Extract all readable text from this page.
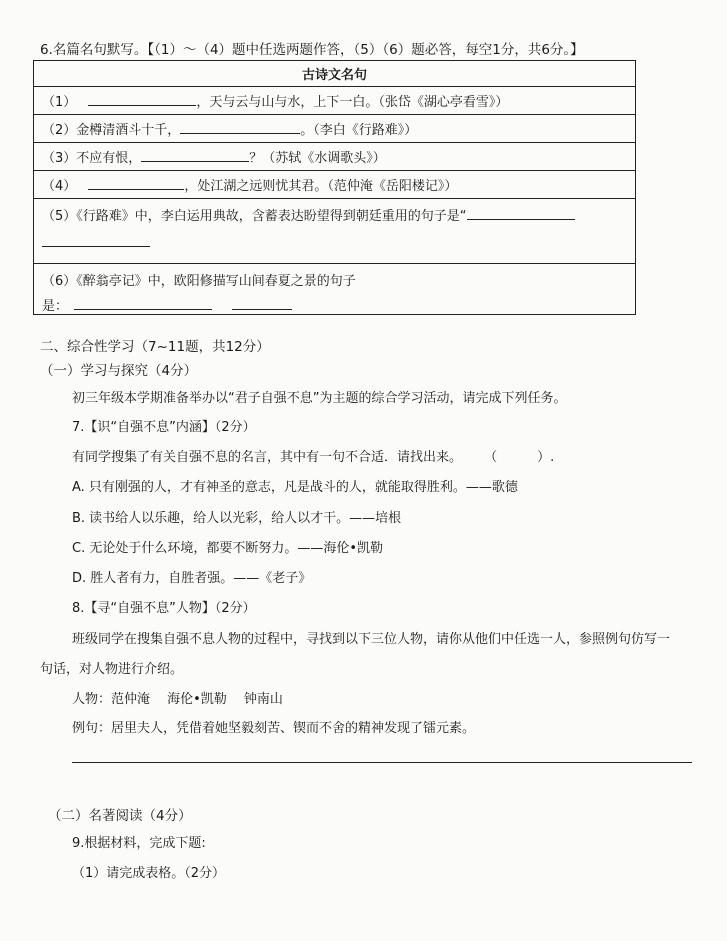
6.名篇名句默写。【（1）～（4）题中任选两题作答，（5）（6）题必答，每空1分，共6分。】
古诗文名句
（1）	，天与云与山与水，上下一白。（张岱《湖心亭看雪》）
（2）金樽清酒斗十千，	。（李白《行路难》）
（3）不应有恨，	？（苏轼《水调歌头》）
（4）	，处江湖之远则忧其君。（范仲淹《岳阳楼记》）
（5）《行路难》中，李白运用典故，含蓄表达盼望得到朝廷重用的句子是“

（6）《醉翁亭记》中，欧阳修描写山间春夏之景的句子
是：
二、综合性学习（7~11题，共12分）
（一）学习与探究（4分）
初三年级本学期准备举办以“君子自强不息”为主题的综合学习活动，请完成下列任务。
7.【识“自强不息”内涵】（2分）
有同学搜集了有关自强不息的名言，其中有一句不合适．请找出来。 （	）.
A. 只有刚强的人，才有神圣的意志，凡是战斗的人，就能取得胜利。——歌德
B. 读书给人以乐趣，给人以光彩，给人以才干。——培根
C. 无论处于什么环境，都要不断努力。——海伦•凯勒
D. 胜人者有力，自胜者强。——《老子》
8.【寻“自强不息”人物】（2分）
班级同学在搜集自强不息人物的过程中，寻找到以下三位人物，请你从他们中任选一人，参照例句仿写一
句话，对人物进行介绍。
人物：范仲淹　 海伦•凯勒　 钟南山
例句：居里夫人，凭借着她坚毅刻苦、锲而不舍的精神发现了镭元素。
（二）名著阅读（4分）
9.根据材料，完成下题:
（1）请完成表格。（2分）
